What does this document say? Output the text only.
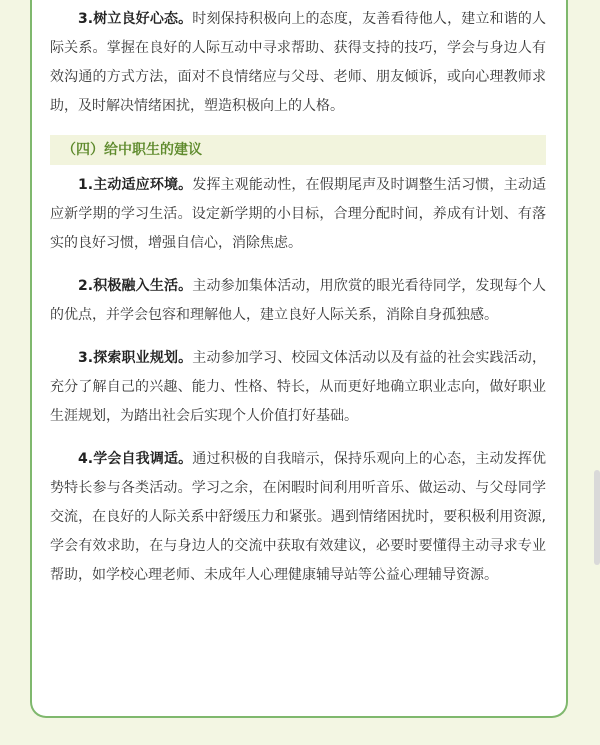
3.树立良好心态。时刻保持积极向上的态度，友善看待他人，建立和谐的人际关系。掌握在良好的人际互动中寻求帮助、获得支持的技巧，学会与身边人有效沟通的方式方法，面对不良情绪应与父母、老师、朋友倾诉，或向心理教师求助，及时解决情绪困扰，塑造积极向上的人格。

（四）给中职生的建议

1.主动适应环境。发挥主观能动性，在假期尾声及时调整生活习惯，主动适应新学期的学习生活。设定新学期的小目标，合理分配时间，养成有计划、有落实的良好习惯，增强自信心，消除焦虑。

2.积极融入生活。主动参加集体活动，用欣赏的眼光看待同学，发现每个人的优点，并学会包容和理解他人，建立良好人际关系，消除自身孤独感。

3.探索职业规划。主动参加学习、校园文体活动以及有益的社会实践活动，充分了解自己的兴趣、能力、性格、特长，从而更好地确立职业志向，做好职业生涯规划，为踏出社会后实现个人价值打好基础。

4.学会自我调适。通过积极的自我暗示，保持乐观向上的心态，主动发挥优势特长参与各类活动。学习之余，在闲暇时间利用听音乐、做运动、与父母同学交流，在良好的人际关系中舒缓压力和紧张。遇到情绪困扰时，要积极利用资源,学会有效求助，在与身边人的交流中获取有效建议，必要时要懂得主动寻求专业帮助，如学校心理老师、未成年人心理健康辅导站等公益心理辅导资源。
